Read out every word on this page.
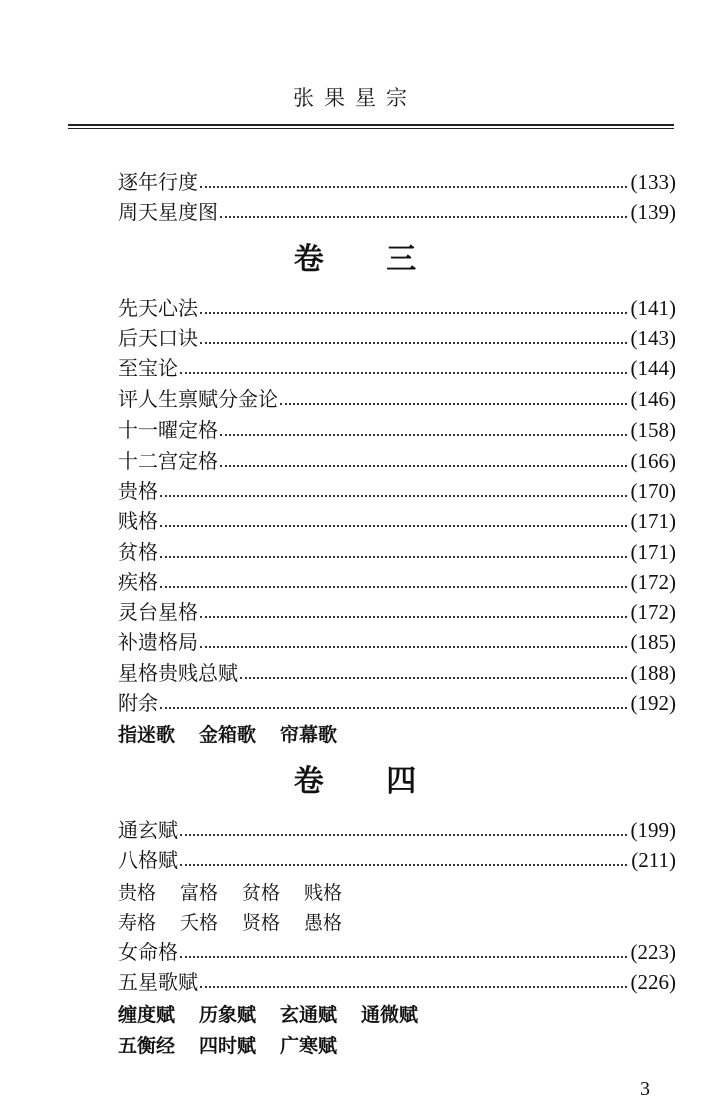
张果星宗
逐年行度	(133)
周天星度图	(139)
卷 三
先天心法	(141)
后天口诀	(143)
至宝论	(144)
评人生禀赋分金论	(146)
十一曜定格	(158)
十二宫定格	(166)
贵格	(170)
贱格	(171)
贫格	(171)
疾格	(172)
灵台星格	(172)
补遗格局	(185)
星格贵贱总赋	(188)
附余	(192)
指迷歌 金箱歌 帘幕歌
卷 四
通玄赋	(199)
八格赋	(211)
贵格 富格 贫格 贱格
寿格 夭格 贤格 愚格
女命格	(223)
五星歌赋	(226)
缠度赋 历象赋 玄通赋 通微赋
五衡经 四时赋 广寒赋
3
